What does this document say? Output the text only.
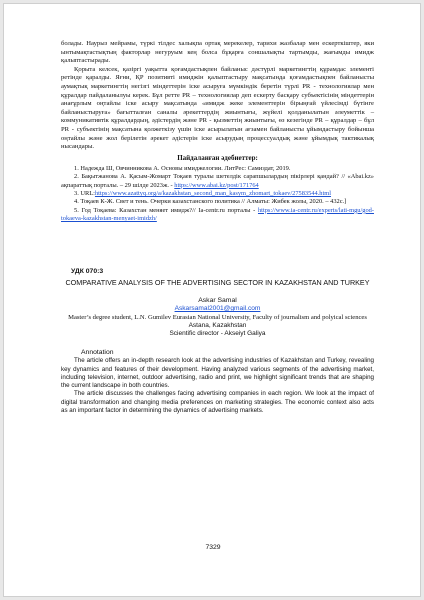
болады. Наурыз мейрамы, түркі тілдес халықпа ортақ мерекелер, тарихи жазбалар мен ескерткіштер, яки ынтымақтастықтың факторлар негуруым кең болса бұқарға соншалықты тартымды, жағымды имидж қалыптастырады.

Қорыта келсек, қазіргі уақытта қоғамдастықпен байланыс дәстүрлі маркетингтің құрамдас элементі ретінде қаралды. Яғни, ҚР позитивті имиджін қалыптастыру мақсатында қоғамдастықпен байланысты аумақтық маркетингтің негізгі міндеттерін іске асыруға мүмкіндік беретін түрлі PR - технологиялар мен құралдар пайдаланылуы керек. Бұл ретте PR – технологиялар деп ескерту басқару субъектісінің міндеттерін анағұрлым оңтайлы іске асыру мақсатында «имидж жеке элементтерін бірыңғай үйлесімді бүтінге байланыстыруға» бағытталған саналы әрекеттердің жиынтығы, жүйелі қолданылатын әлеуметтік – коммуникативтік құралдардың, әдістердің және PR - қызметтің жиынтығы, өз кезегінде PR – құралдар – бұл PR - субъектінің мақсатына қолжеткізу үшін іске асырылатын ағзамен байланысты ұйымдастыру бойынша оңтайлы және жол берілетін әрекет әдістерін іске асырудың процессуалдық және ұйымдық тактикалық нысандары.

Пайдаланған әдебиеттер:

1. Надежда Ш, Овчинникова А. Основы имиджелогии. ЛитРес: Самиздат, 2019.

2. Бақытжанова А. Қасым-Жомарт Тоқаев туралы шетелдік сарапшылардың пікірлері қандай? // «Abai.kz» ақпараттық порталы. – 29 шілде 2023ж. - https://www.abai.kz/post/171764

3. URL:https://www.azattyq.org/a/kazakhstan_second_man_kasym_zhomart_tokaev/27583544.html

4. Тоқаев К-Ж. Свет и тень. Очерки казахстанского политика // Алматы: Жибек жолы, 2020. – 432с.]

5. Год Тоқаева: Казахстан меняет имидж?// Ia-centr.ru порталы - https://www.ia-centr.ru/experts/lati-mgu/god-tokaeva-kazakhstan-menyaet-imidzh/

УДК 070:3
COMPARATIVE ANALYSIS OF THE ADVERTISING SECTOR IN KAZAKHSTAN AND TURKEY
Askar Samal
Askarsamal2001@gmail.com
Master’s degree student, L.N. Gumilev Eurasian National University, Faculty of journalism and polyical sciences
Astana, Kazakhstan
Scientific director - Akseiyt Galiya
Annotation

The article offers an in-depth research look at the advertising industries of Kazakhstan and Turkey, revealing key dynamics and features of their development. Having analyzed various segments of the advertising market, including television, internet, outdoor advertising, radio and print, we highlight significant trends that are shaping the current landscape in both countries.

The article discusses the challenges facing advertising companies in each region. We look at the impact of digital transformation and changing media preferences on marketing strategies. The economic context also acts as an important factor in determining the dynamics of advertising markets.

7329
